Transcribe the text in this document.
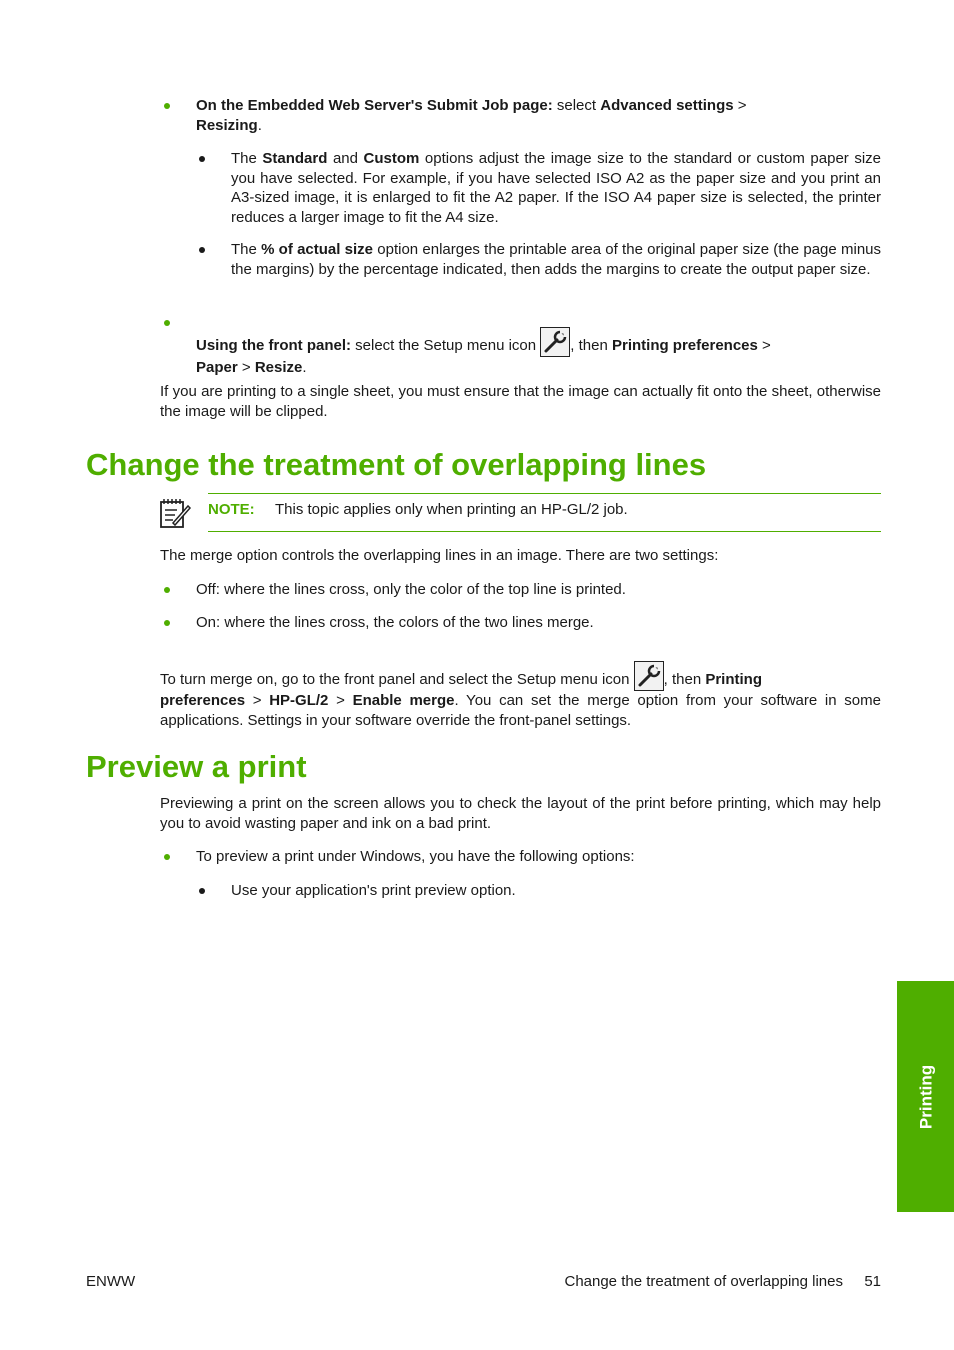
On the Embedded Web Server's Submit Job page: select Advanced settings >
Resizing.
The Standard and Custom options adjust the image size to the standard or custom paper size you have selected. For example, if you have selected ISO A2 as the paper size and you print an A3-sized image, it is enlarged to fit the A2 paper. If the ISO A4 paper size is selected, the printer reduces a larger image to fit the A4 size.
The % of actual size option enlarges the printable area of the original paper size (the page minus the margins) by the percentage indicated, then adds the margins to create the output paper size.
Using the front panel: select the Setup menu icon , then Printing preferences >
Paper > Resize.
If you are printing to a single sheet, you must ensure that the image can actually fit onto the sheet, otherwise the image will be clipped.
Change the treatment of overlapping lines
NOTE: This topic applies only when printing an HP-GL/2 job.
The merge option controls the overlapping lines in an image. There are two settings:
Off: where the lines cross, only the color of the top line is printed.
On: where the lines cross, the colors of the two lines merge.
To turn merge on, go to the front panel and select the Setup menu icon , then Printing
preferences > HP-GL/2 > Enable merge. You can set the merge option from your software in some applications. Settings in your software override the front-panel settings.
Preview a print
Previewing a print on the screen allows you to check the layout of the print before printing, which may help you to avoid wasting paper and ink on a bad print.
To preview a print under Windows, you have the following options:
Use your application's print preview option.
Printing
ENWW	Change the treatment of overlapping lines 51
